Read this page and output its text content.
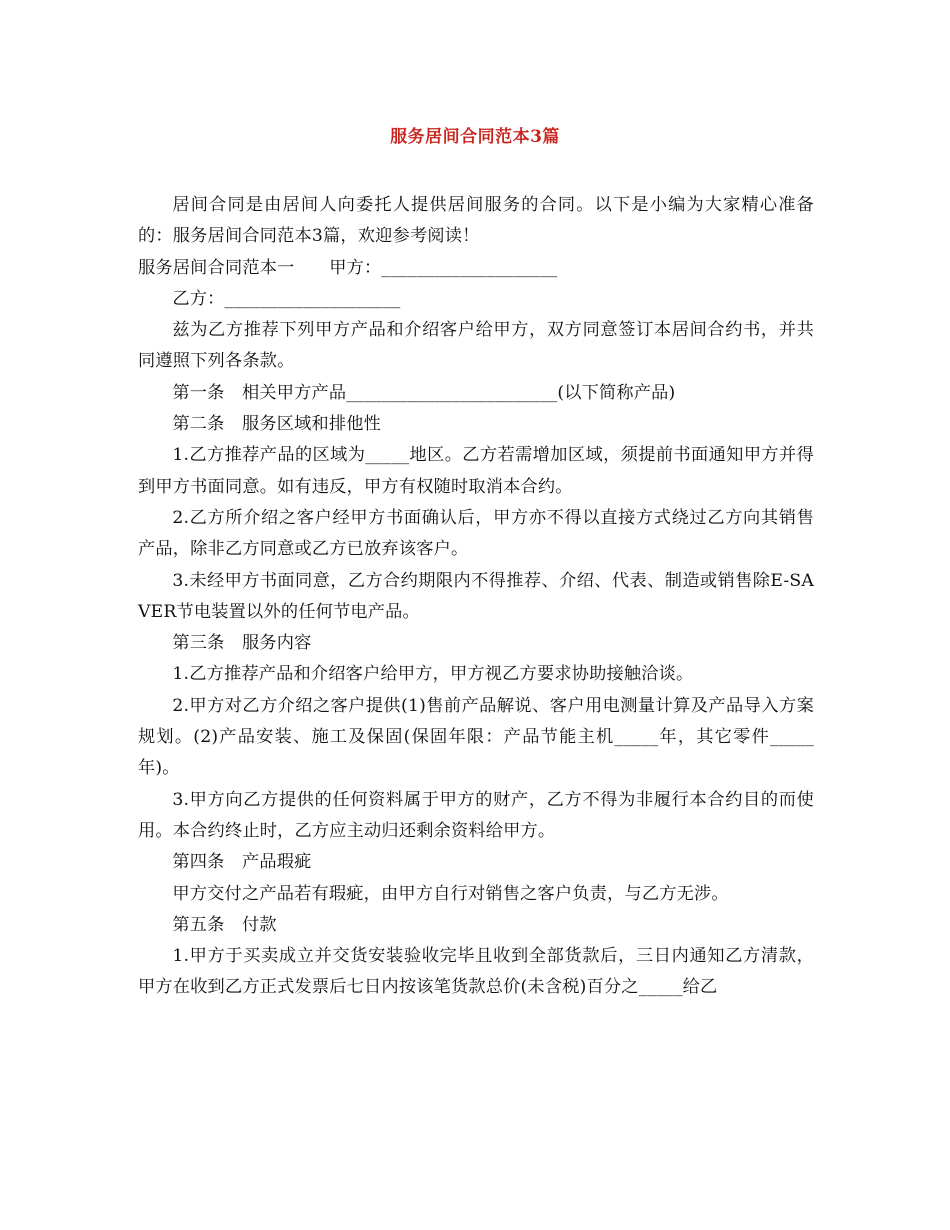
服务居间合同范本3篇

居间合同是由居间人向委托人提供居间服务的合同。以下是小编为大家精心准备的：服务居间合同范本3篇，欢迎参考阅读！

服务居间合同范本一　　甲方：____________________

乙方：____________________

兹为乙方推荐下列甲方产品和介绍客户给甲方，双方同意签订本居间合约书，并共同遵照下列各条款。

第一条　相关甲方产品________________________(以下简称产品)

第二条　服务区域和排他性

1.乙方推荐产品的区域为_____地区。乙方若需增加区域，须提前书面通知甲方并得到甲方书面同意。如有违反，甲方有权随时取消本合约。

2.乙方所介绍之客户经甲方书面确认后，甲方亦不得以直接方式绕过乙方向其销售产品，除非乙方同意或乙方已放弃该客户。

3.未经甲方书面同意，乙方合约期限内不得推荐、介绍、代表、制造或销售除E-SAVER节电装置以外的任何节电产品。

第三条　服务内容

1.乙方推荐产品和介绍客户给甲方，甲方视乙方要求协助接触洽谈。

2.甲方对乙方介绍之客户提供(1)售前产品解说、客户用电测量计算及产品导入方案规划。(2)产品安装、施工及保固(保固年限：产品节能主机_____年，其它零件_____年)。

3.甲方向乙方提供的任何资料属于甲方的财产，乙方不得为非履行本合约目的而使用。本合约终止时，乙方应主动归还剩余资料给甲方。

第四条　产品瑕疵

甲方交付之产品若有瑕疵，由甲方自行对销售之客户负责，与乙方无涉。

第五条　付款

1.甲方于买卖成立并交货安装验收完毕且收到全部货款后，三日内通知乙方清款，甲方在收到乙方正式发票后七日内按该笔货款总价(未含税)百分之_____给乙
